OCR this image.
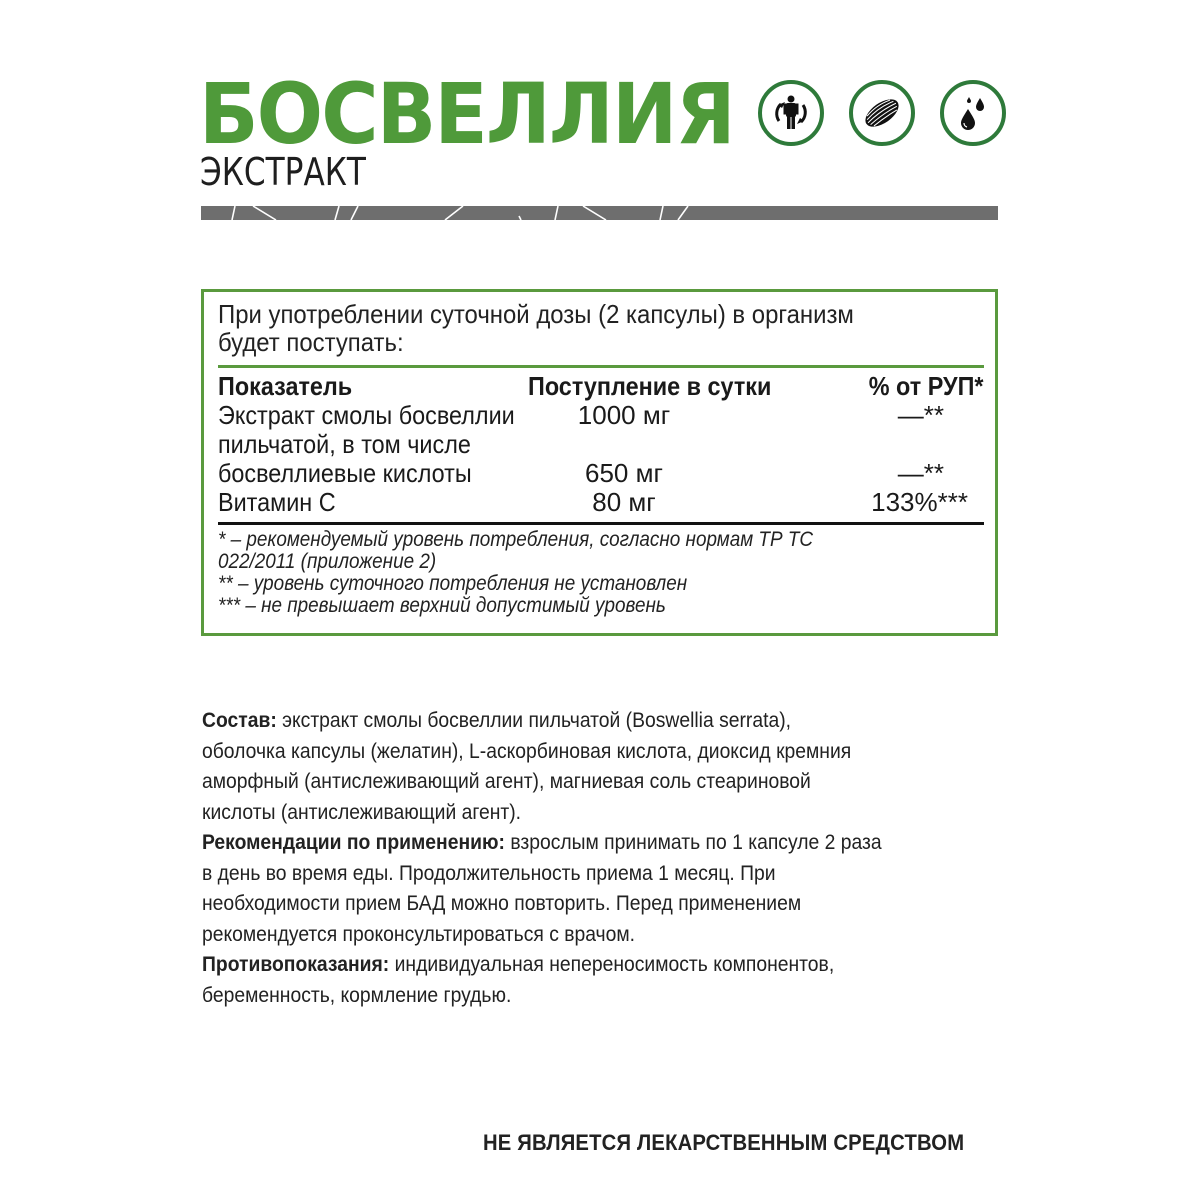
БОСВЕЛЛИЯ
ЭКСТРАКТ
При употреблении суточной дозы (2 капсулы) в организм
будет поступать:
Показатель	Поступление в сутки	% от РУП*
Экстракт смолы босвеллии	1000 мг	—**
пильчатой, в том числе
босвеллиевые кислоты	650 мг	—**
Витамин С	80 мг	133%***
* – рекомендуемый уровень потребления, согласно нормам ТР ТС
022/2011 (приложение 2)
** – уровень суточного потребления не установлен
*** – не превышает верхний допустимый уровень

Состав: экстракт смолы босвеллии пильчатой (Boswellia serrata),

оболочка капсулы (желатин), L-аскорбиновая кислота, диоксид кремния

аморфный (антислеживающий агент), магниевая соль стеариновой

кислоты (антислеживающий агент).

Рекомендации по применению: взрослым принимать по 1 капсуле 2 раза

в день во время еды. Продолжительность приема 1 месяц. При

необходимости прием БАД можно повторить. Перед применением

рекомендуется проконсультироваться с врачом.

Противопоказания: индивидуальная непереносимость компонентов,

беременность, кормление грудью.

НЕ ЯВЛЯЕТСЯ ЛЕКАРСТВЕННЫМ СРЕДСТВОМ
